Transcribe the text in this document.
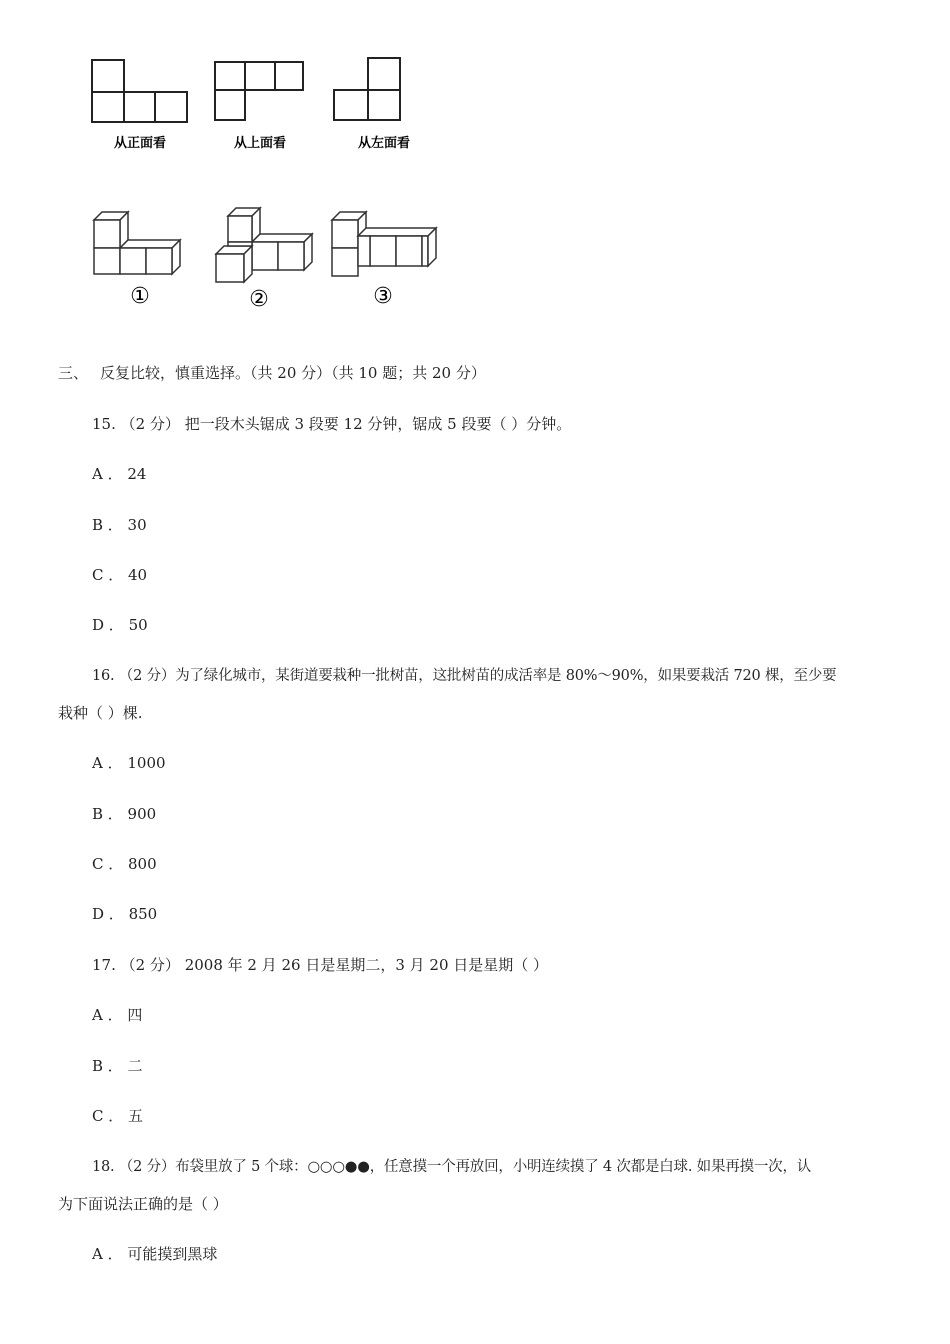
从正面看	从上面看	从左面看
①	②	③
三、 反复比较，慎重选择。（共 20 分）（共 10 题；共 20 分）
15. （2 分） 把一段木头锯成 3 段要 12 分钟，锯成 5 段要（ ）分钟。
A ． 24
B ． 30
C ． 40
D ． 50
16. （2 分）为了绿化城市，某街道要栽种一批树苗，这批树苗的成活率是 80%～90%，如果要栽活 720 棵，至少要
栽种（ ）棵.
A ． 1000
B ． 900
C ． 800
D ． 850
17. （2 分） 2008 年 2 月 26 日是星期二，3 月 20 日是星期（ ）
A ． 四
B ． 二
C ． 五
18. （2 分）布袋里放了 5 个球：○○○●●，任意摸一个再放回，小明连续摸了 4 次都是白球. 如果再摸一次，认
为下面说法正确的是（ ）
A ． 可能摸到黑球
